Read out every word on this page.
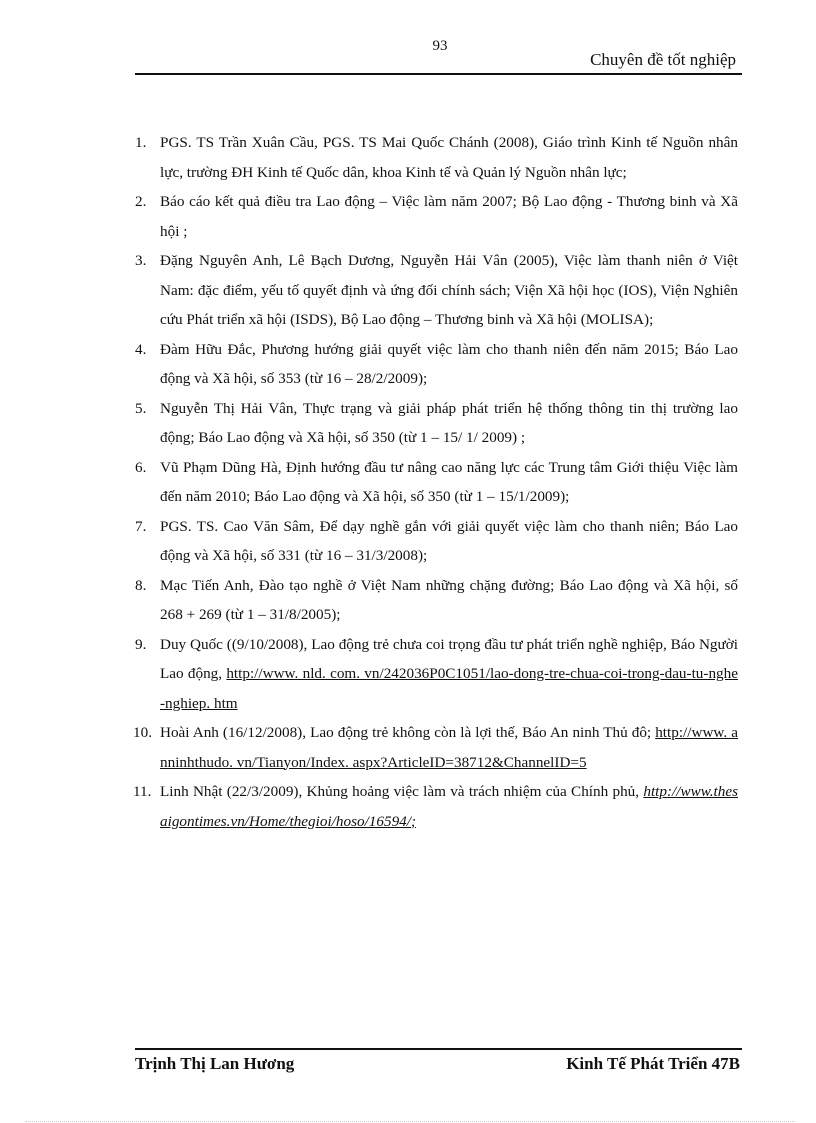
93
Chuyên đề tốt nghiệp
1. PGS. TS Trần Xuân Cầu, PGS. TS Mai Quốc Chánh (2008), Giáo trình Kinh tế Nguồn nhân lực, trường ĐH Kinh tế Quốc dân, khoa Kinh tế và Quản lý Nguồn nhân lực;
2. Báo cáo kết quả điều tra Lao động – Việc làm năm 2007; Bộ Lao động - Thương binh và Xã hội ;
3. Đặng Nguyên Anh, Lê Bạch Dương, Nguyễn Hải Vân (2005), Việc làm thanh niên ở Việt Nam: đặc điểm, yếu tố quyết định và ứng đối chính sách; Viện Xã hội học (IOS), Viện Nghiên cứu Phát triển xã hội (ISDS), Bộ Lao động – Thương binh và Xã hội (MOLISA);
4. Đàm Hữu Đắc, Phương hướng giải quyết việc làm cho thanh niên đến năm 2015; Báo Lao động và Xã hội, số 353 (từ 16 – 28/2/2009);
5. Nguyễn Thị Hải Vân, Thực trạng và giải pháp phát triển hệ thống thông tin thị trường lao động; Báo Lao động và Xã hội, số 350 (từ 1 – 15/ 1/ 2009) ;
6. Vũ Phạm Dũng Hà, Định hướng đầu tư nâng cao năng lực các Trung tâm Giới thiệu Việc làm đến năm 2010; Báo Lao động và Xã hội, số 350 (từ 1 – 15/1/2009);
7. PGS. TS. Cao Văn Sâm, Để dạy nghề gắn với giải quyết việc làm cho thanh niên; Báo Lao động và Xã hội, số 331 (từ 16 – 31/3/2008);
8. Mạc Tiến Anh, Đào tạo nghề ở Việt Nam những chặng đường; Báo Lao động và Xã hội, số 268 + 269 (từ 1 – 31/8/2005);
9. Duy Quốc ((9/10/2008), Lao động trẻ chưa coi trọng đầu tư phát triển nghề nghiệp, Báo Người Lao động, http://www. nld. com. vn/242036P0C1051/lao-dong-tre-chua-coi-trong-dau-tu-nghe-nghiep. htm
10. Hoài Anh (16/12/2008), Lao động trẻ không còn là lợi thế, Báo An ninh Thủ đô; http://www. anninhthudo. vn/Tianyon/Index. aspx?ArticleID=38712&ChannelID=5
11. Linh Nhật (22/3/2009), Khủng hoảng việc làm và trách nhiệm của Chính phủ, http://www.thesaigontimes.vn/Home/thegioi/hoso/16594/;
Trịnh Thị Lan Hương	Kinh Tế Phát Triển 47B
